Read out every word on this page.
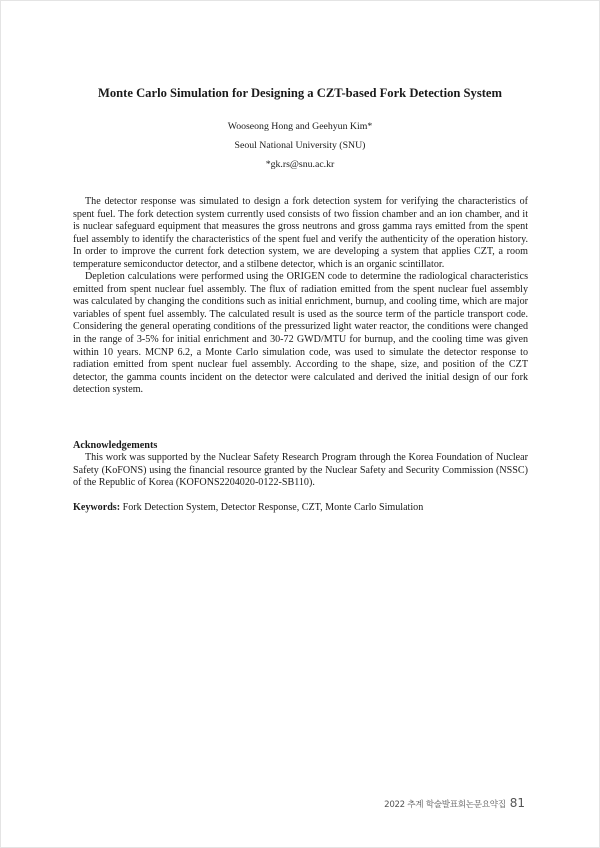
Monte Carlo Simulation for Designing a CZT-based Fork Detection System
Wooseong Hong and Geehyun Kim*
Seoul National University (SNU)
*gk.rs@snu.ac.kr

The detector response was simulated to design a fork detection system for verifying the characteristics of spent fuel. The fork detection system currently used consists of two fission chamber and an ion chamber, and it is nuclear safeguard equipment that measures the gross neutrons and gross gamma rays emitted from the spent fuel assembly to identify the characteristics of the spent fuel and verify the authenticity of the operation history. In order to improve the current fork detection system, we are developing a system that applies CZT, a room temperature semiconductor detector, and a stilbene detector, which is an organic scintillator.

Depletion calculations were performed using the ORIGEN code to determine the radiological characteristics emitted from spent nuclear fuel assembly. The flux of radiation emitted from the spent nuclear fuel assembly was calculated by changing the conditions such as initial enrichment, burnup, and cooling time, which are major variables of spent fuel assembly. The calculated result is used as the source term of the particle transport code. Considering the general operating conditions of the pressurized light water reactor, the conditions were changed in the range of 3-5% for initial enrichment and 30-72 GWD/MTU for burnup, and the cooling time was given within 10 years. MCNP 6.2, a Monte Carlo simulation code, was used to simulate the detector response to radiation emitted from spent nuclear fuel assembly. According to the shape, size, and position of the CZT detector, the gamma counts incident on the detector were calculated and derived the initial design of our fork detection system.

Acknowledgements

This work was supported by the Nuclear Safety Research Program through the Korea Foundation of Nuclear Safety (KoFONS) using the financial resource granted by the Nuclear Safety and Security Commission (NSSC) of the Republic of Korea (KOFONS2204020-0122-SB110).

Keywords: Fork Detection System, Detector Response, CZT, Monte Carlo Simulation
2022 추계 학술발표회논문요약집 81
